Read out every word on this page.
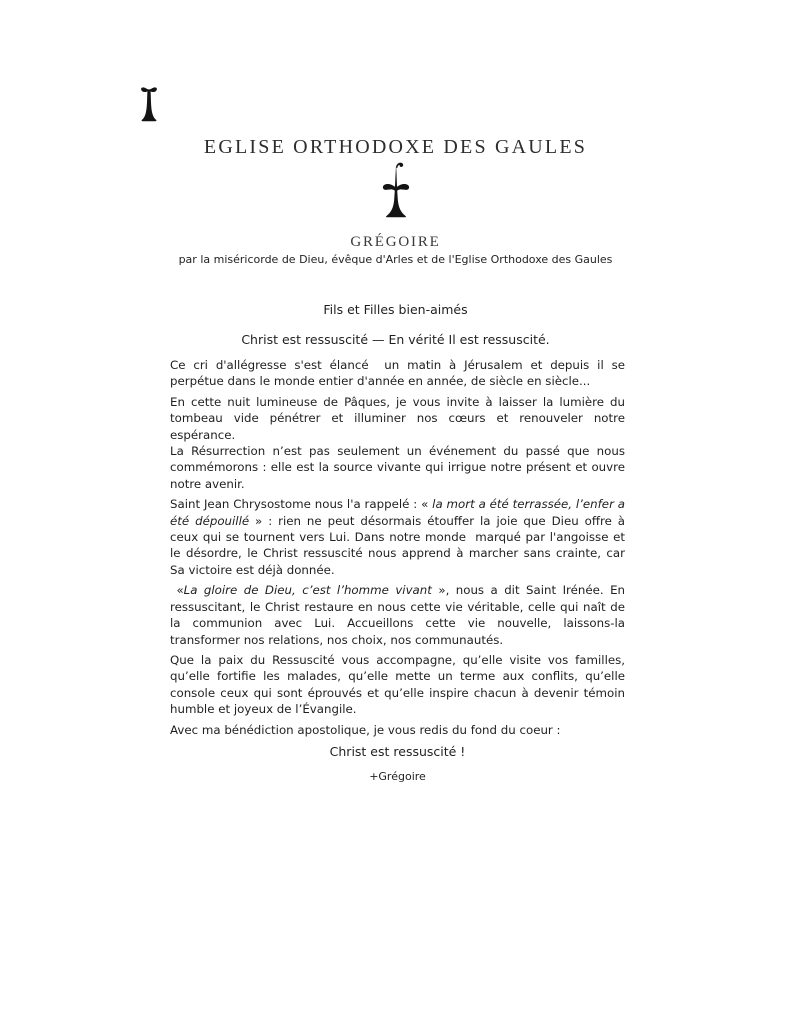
EGLISE ORTHODOXE DES GAULES
GRÉGOIRE
par la miséricorde de Dieu, évêque d'Arles et de l'Eglise Orthodoxe des Gaules
Fils et Filles bien-aimés
Christ est ressuscité — En vérité Il est ressuscité.

Ce cri d'allégresse s'est élancé  un matin à Jérusalem et depuis il se perpétue dans le monde entier d'année en année, de siècle en siècle...

En cette nuit lumineuse de Pâques, je vous invite à laisser la lumière du tombeau vide pénétrer et illuminer nos cœurs et renouveler notre espérance.

La Résurrection n’est pas seulement un événement du passé que nous commémorons : elle est la source vivante qui irrigue notre présent et ouvre notre avenir.

Saint Jean Chrysostome nous l'a rappelé : « la mort a été terrassée, l’enfer a été dépouillé » : rien ne peut désormais étouffer la joie que Dieu offre à ceux qui se tournent vers Lui. Dans notre monde  marqué par l'angoisse et le désordre, le Christ ressuscité nous apprend à marcher sans crainte, car Sa victoire est déjà donnée.

«La gloire de Dieu, c’est l’homme vivant », nous a dit Saint Irénée. En ressuscitant, le Christ restaure en nous cette vie véritable, celle qui naît de la communion avec Lui. Accueillons cette vie nouvelle, laissons-la transformer nos relations, nos choix, nos communautés.

Que la paix du Ressuscité vous accompagne, qu’elle visite vos familles, qu’elle fortifie les malades, qu’elle mette un terme aux conflits, qu’elle console ceux qui sont éprouvés et qu’elle inspire chacun à devenir témoin humble et joyeux de l’Évangile.

Avec ma bénédiction apostolique, je vous redis du fond du coeur :

Christ est ressuscité !
+Grégoire
